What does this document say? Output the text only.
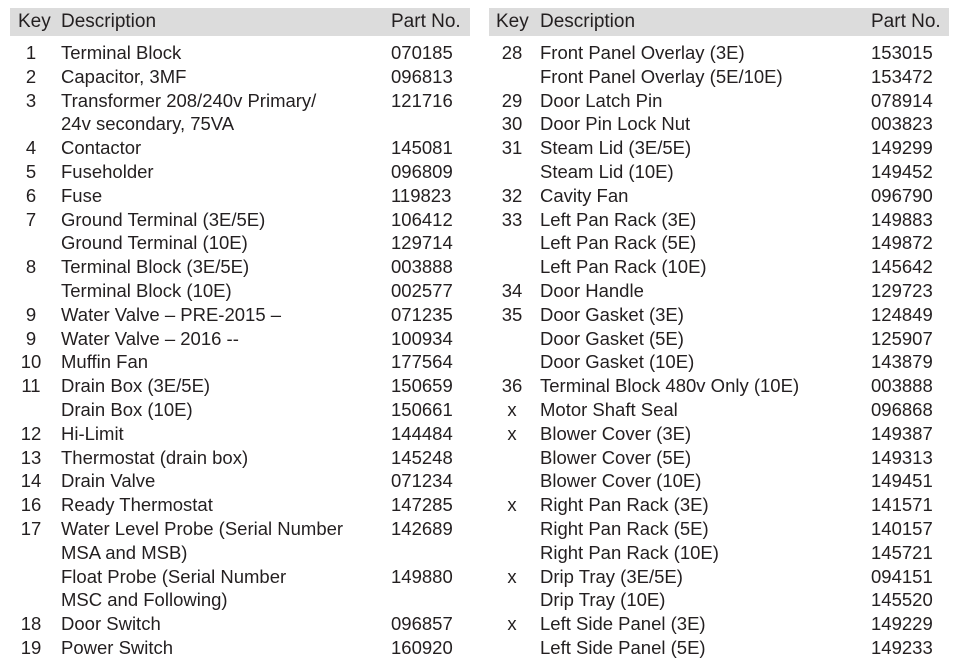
Key Description	Part No.
1	Terminal Block	070185
2	Capacitor, 3MF	096813
3	Transformer 208/240v Primary/	121716
24v secondary, 75VA
4	Contactor	145081
5	Fuseholder	096809
6	Fuse	119823
7	Ground Terminal (3E/5E)	106412
Ground Terminal (10E)	129714
8	Terminal Block (3E/5E)	003888
Terminal Block (10E)	002577
9	Water Valve – PRE-2015 –	071235
9	Water Valve – 2016 --	100934
10 Muffin Fan	177564
11 Drain Box (3E/5E)	150659
Drain Box (10E)	150661
12 Hi-Limit	144484
13 Thermostat (drain box)	145248
14 Drain Valve	071234
16 Ready Thermostat	147285
17 Water Level Probe (Serial Number	142689
MSA and MSB)
Float Probe (Serial Number	149880
MSC and Following)
18 Door Switch	096857
19 Power Switch	160920
Key Description	Part No.
28 Front Panel Overlay (3E)	153015
Front Panel Overlay (5E/10E)	153472
29 Door Latch Pin	078914
30 Door Pin Lock Nut	003823
31 Steam Lid (3E/5E)	149299
Steam Lid (10E)	149452
32 Cavity Fan	096790
33 Left Pan Rack (3E)	149883
Left Pan Rack (5E)	149872
Left Pan Rack (10E)	145642
34 Door Handle	129723
35 Door Gasket (3E)	124849
Door Gasket (5E)	125907
Door Gasket (10E)	143879
36 Terminal Block 480v Only (10E)	003888
x	Motor Shaft Seal	096868
x	Blower Cover (3E)	149387
Blower Cover (5E)	149313
Blower Cover (10E)	149451
x	Right Pan Rack (3E)	141571
Right Pan Rack (5E)	140157
Right Pan Rack (10E)	145721
x	Drip Tray (3E/5E)	094151
Drip Tray (10E)	145520
x	Left Side Panel (3E)	149229
Left Side Panel (5E)	149233
